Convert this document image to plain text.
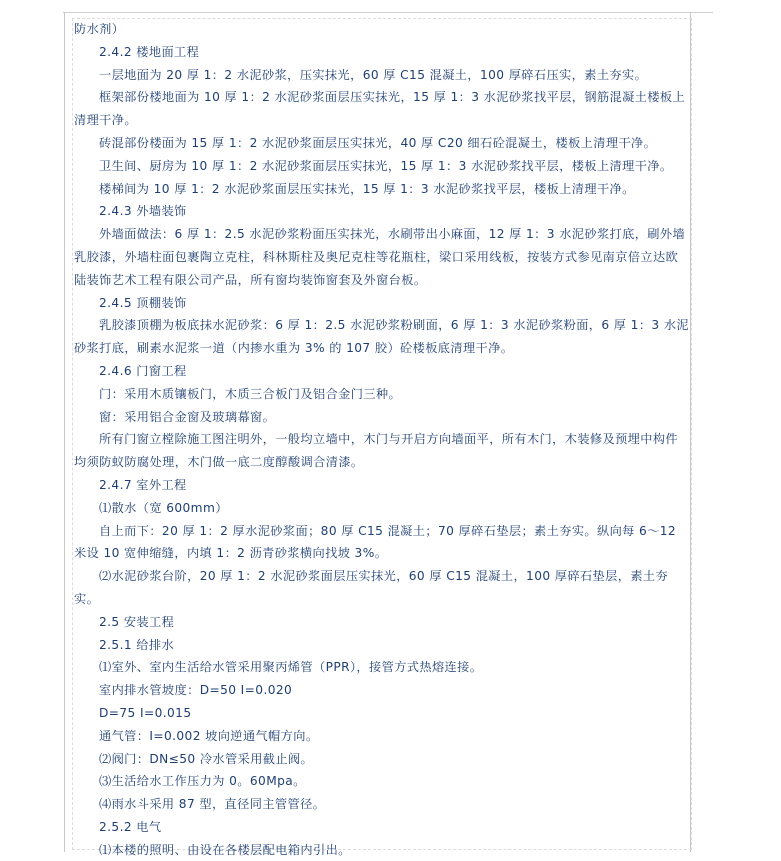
防水剂）

2.4.2 楼地面工程

一层地面为 20 厚 1：2 水泥砂浆，压实抹光，60 厚 C15 混凝土，100 厚碎石压实，素土夯实。

框架部份楼地面为 10 厚 1：2 水泥砂浆面层压实抹光，15 厚 1：3 水泥砂浆找平层，钢筋混凝土楼板上清理干净。

砖混部份楼面为 15 厚 1：2 水泥砂浆面层压实抹光，40 厚 C20 细石砼混凝土，楼板上清理干净。

卫生间、厨房为 10 厚 1：2 水泥砂浆面层压实抹光，15 厚 1：3 水泥砂浆找平层，楼板上清理干净。

楼梯间为 10 厚 1：2 水泥砂浆面层压实抹光，15 厚 1：3 水泥砂浆找平层，楼板上清理干净。

2.4.3 外墙装饰

外墙面做法：6 厚 1：2.5 水泥砂浆粉面压实抹光，水刷带出小麻面，12 厚 1：3 水泥砂浆打底，刷外墙乳胶漆，外墙柱面包裹陶立克柱，科林斯柱及奥尼克柱等花瓶柱，梁口采用线板，按装方式参见南京倍立达欧陆装饰艺术工程有限公司产品，所有窗均装饰窗套及外窗台板。

2.4.5 顶棚装饰

乳胶漆顶棚为板底抹水泥砂浆：6 厚 1：2.5 水泥砂浆粉刷面，6 厚 1：3 水泥砂浆粉面，6 厚 1：3 水泥砂浆打底，刷素水泥浆一道（内掺水重为 3% 的 107 胶）砼楼板底清理干净。

2.4.6 门窗工程

门：采用木质镶板门，木质三合板门及铝合金门三种。

窗：采用铝合金窗及玻璃幕窗。

所有门窗立樘除施工图注明外，一般均立墙中，木门与开启方向墙面平，所有木门，木装修及预埋中构件均须防蚁防腐处理，木门做一底二度醇酸调合清漆。

2.4.7 室外工程

⑴散水（宽 600mm）

自上而下：20 厚 1：2 厚水泥砂浆面；80 厚 C15 混凝土；70 厚碎石垫层；素土夯实。纵向每 6～12 米设 10 宽伸缩缝，内填 1：2 沥青砂浆横向找坡 3%。

⑵水泥砂浆台阶，20 厚 1：2 水泥砂浆面层压实抹光，60 厚 C15 混凝土，100 厚碎石垫层，素土夯实。

2.5 安装工程

2.5.1 给排水

⑴室外、室内生活给水管采用聚丙烯管（PPR），接管方式热熔连接。

室内排水管坡度：D=50 I=0.020

D=75 I=0.015

通气管：I=0.002 坡向逆通气帽方向。

⑵阀门：DN≤50 冷水管采用截止阀。

⑶生活给水工作压力为 0。60Mpa。

⑷雨水斗采用 87 型，直径同主管管径。

2.5.2 电气

⑴本楼的照明、由设在各楼层配电箱内引出。
